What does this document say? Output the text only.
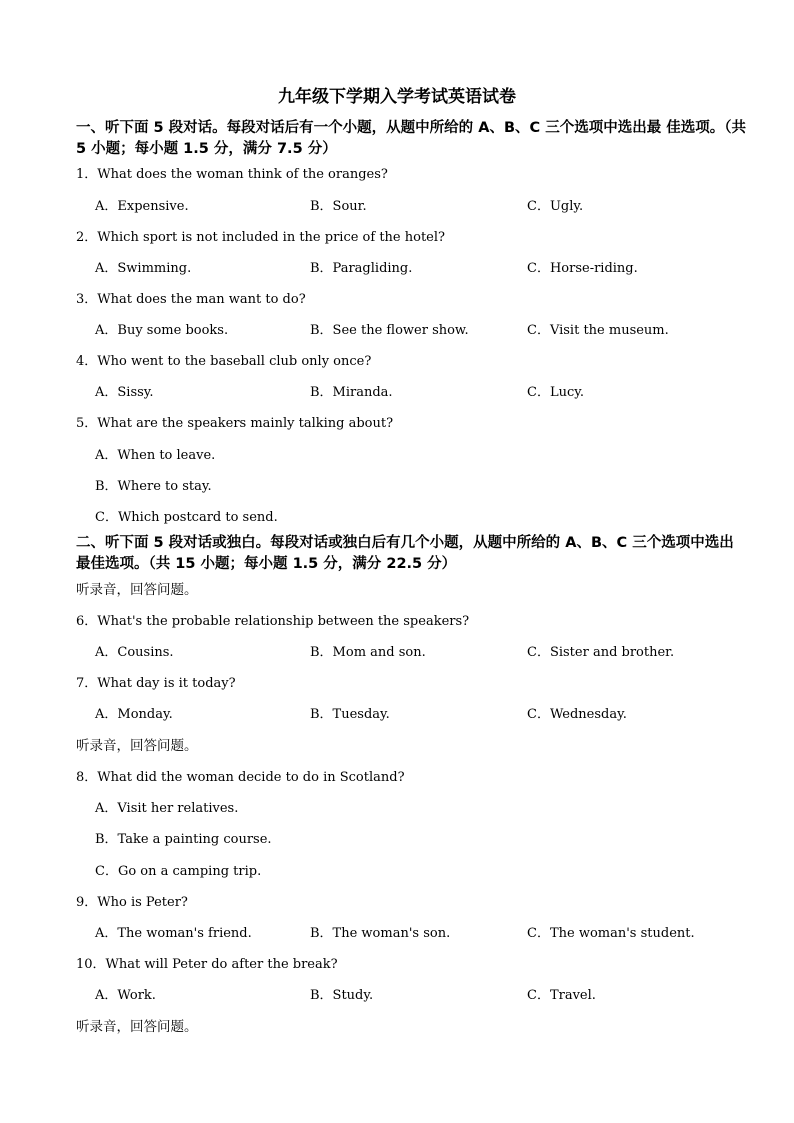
九年级下学期入学考试英语试卷

一、听下面 5 段对话。每段对话后有一个小题，从题中所给的 A、B、C 三个选项中选出最 佳选项。（共 5 小题；每小题 1.5 分，满分 7.5 分）

1．What does the woman think of the oranges?

A．Expensive.	B．Sour.	C．Ugly.

2．Which sport is not included in the price of the hotel?

A．Swimming.	B．Paragliding.	C．Horse-riding.

3．What does the man want to do?

A．Buy some books.	B．See the flower show.	C．Visit the museum.

4．Who went to the baseball club only once?

A．Sissy.	B．Miranda.	C．Lucy.

5．What are the speakers mainly talking about?

A．When to leave.
B．Where to stay.
C．Which postcard to send.

二、听下面 5 段对话或独白。每段对话或独白后有几个小题，从题中所给的 A、B、C 三个选项中选出最佳选项。（共 15 小题；每小题 1.5 分，满分 22.5 分）

听录音，回答问题。

6．What's the probable relationship between the speakers?

A．Cousins.	B．Mom and son.	C．Sister and brother.

7．What day is it today?

A．Monday.	B．Tuesday.	C．Wednesday.

听录音，回答问题。

8．What did the woman decide to do in Scotland?

A．Visit her relatives.
B．Take a painting course.
C．Go on a camping trip.

9．Who is Peter?

A．The woman's friend.	B．The woman's son.	C．The woman's student.

10．What will Peter do after the break?

A．Work.	B．Study.	C．Travel.

听录音，回答问题。
